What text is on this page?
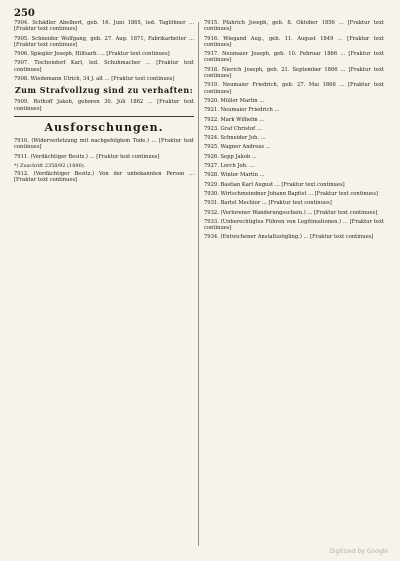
250

7904. Schädler Abelbert, geb. 16. Juni 1865, led. Taglöhner ... [Fraktur text continues]

7905. Schneider Wolfgang, geb. 27. Aug. 1871, Fabrikarbeiter ... [Fraktur text continues]

7906. Spiegler Joseph, Hilfsarb. ... [Fraktur text continues]

7907. Tischendorf Karl, led. Schuhmacher ... [Fraktur text continues]

7908. Wiedemann Ulrich, 34 J. alt ... [Fraktur text continues]

Zum Strafvollzug sind zu verhaften:

7909. Rothoff Jakob, geboren 30. Juli 1862 ... [Fraktur text continues]

Ausforschungen.

7910. (Widerverletzung mit nachgefolgtem Tode.) ... [Fraktur text continues]

7911. (Verdächtiger Besitz.) ... [Fraktur text continues]

*) Zuschrift 2358/92 (1890).

7912. (Verdächtiger Besitz.) Von der unbekannten Person ... [Fraktur text continues]

7915. Pfahrich Joseph, geb. 8. Oktober 1856 ... [Fraktur text continues]

7916. Wiegand Aug., geb. 11. August 1849 ... [Fraktur text continues]

7917. Neumaier Joseph, geb. 10. Februar 1866 ... [Fraktur text continues]

7918. Nierich Joseph, geb. 21. September 1866 ... [Fraktur text continues]

7919. Neumaier Friedrich, geb. 27. Mai 1866 ... [Fraktur text continues]

7920. Müller Martin ...

7921. Neumaier Friedrich ...

7922. Mark Wilhelm ...

7923. Graf Christof ...

7924. Schneider Joh. ...

7925. Wagner Andreas ...

7926. Sepp Jakob ...

7927. Lerch Joh. ...

7928. Winter Martin ...

7929. Bastian Karl August ... [Fraktur text continues]

7930. Wirtschmeindner Johann Baptist ... [Fraktur text continues]

7931. Bartel Mechior ... [Fraktur text continues]

7932. (Verlorener Wanderungsschein.) ... [Fraktur text continues]

7933. (Unberechtigtes Führen von Legitimationen.) ... [Fraktur text continues]

7934. (Entwichener Anstaltszögling.) ... [Fraktur text continues]

Digitized by Google
